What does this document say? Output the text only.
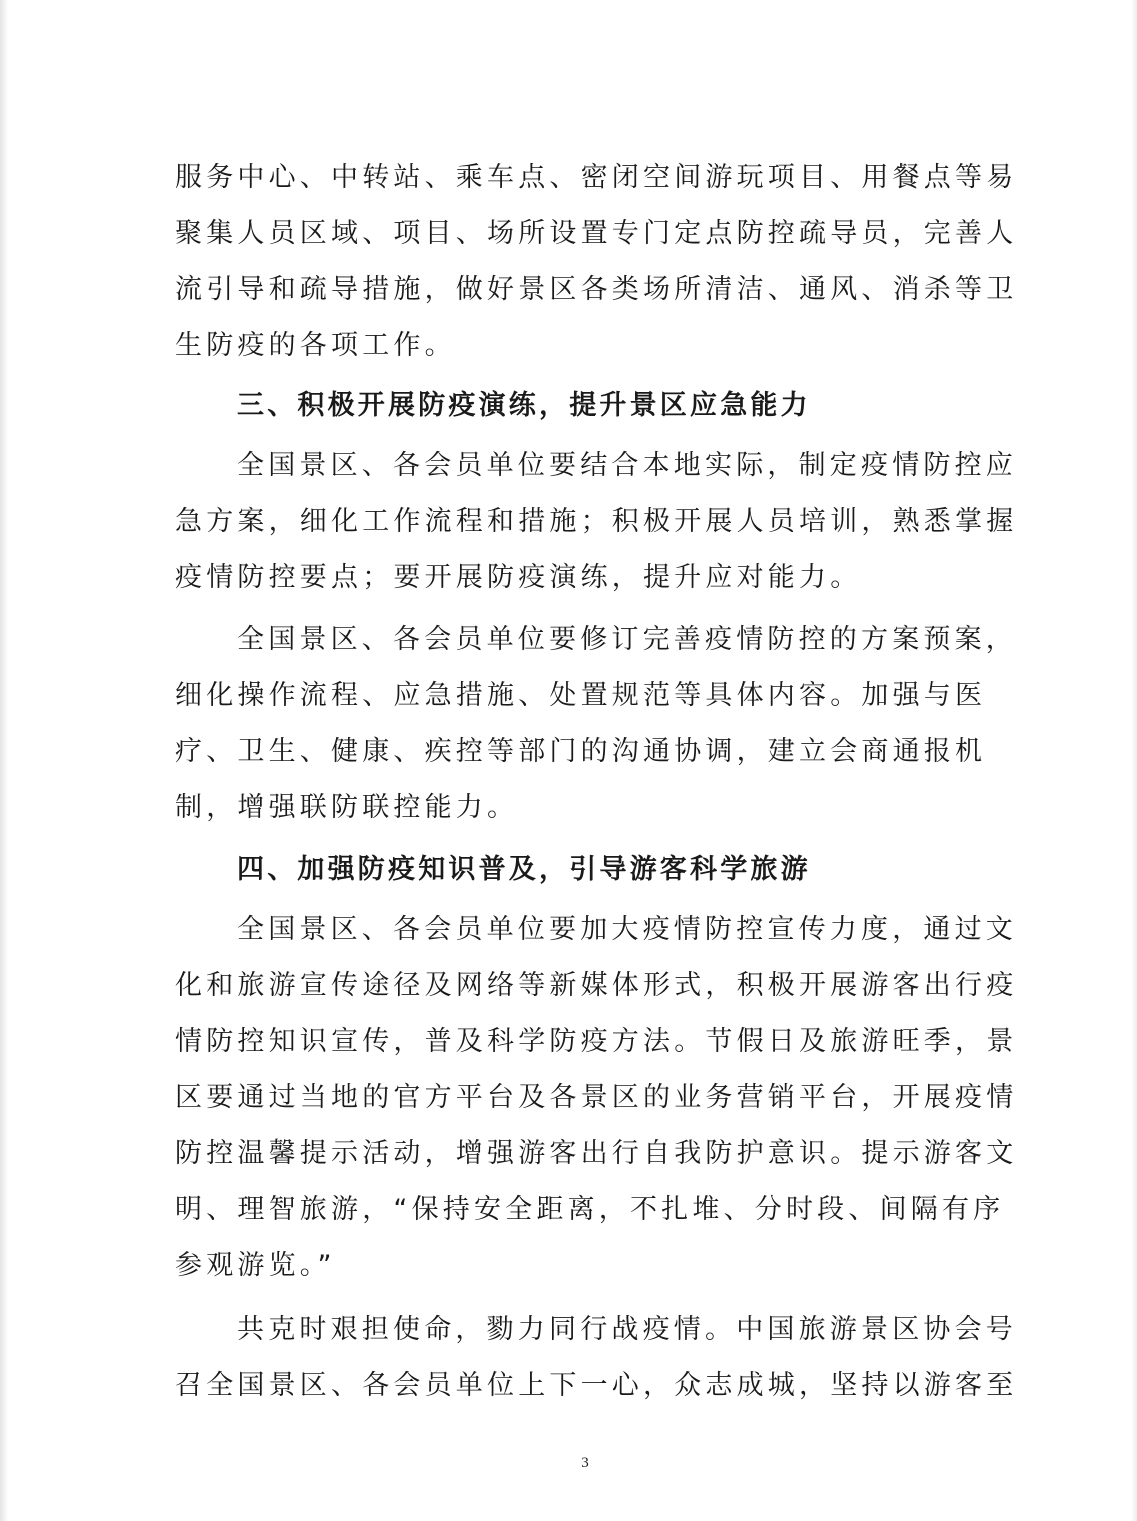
服务中心、中转站、乘车点、密闭空间游玩项目、用餐点等易
聚集人员区域、项目、场所设置专门定点防控疏导员，完善人
流引导和疏导措施，做好景区各类场所清洁、通风、消杀等卫
生防疫的各项工作。
三、积极开展防疫演练，提升景区应急能力
全国景区、各会员单位要结合本地实际，制定疫情防控应
急方案，细化工作流程和措施；积极开展人员培训，熟悉掌握
疫情防控要点；要开展防疫演练，提升应对能力。
全国景区、各会员单位要修订完善疫情防控的方案预案，
细化操作流程、应急措施、处置规范等具体内容。加强与医
疗、卫生、健康、疾控等部门的沟通协调，建立会商通报机
制，增强联防联控能力。
四、加强防疫知识普及，引导游客科学旅游
全国景区、各会员单位要加大疫情防控宣传力度，通过文
化和旅游宣传途径及网络等新媒体形式，积极开展游客出行疫
情防控知识宣传，普及科学防疫方法。节假日及旅游旺季，景
区要通过当地的官方平台及各景区的业务营销平台，开展疫情
防控温馨提示活动，增强游客出行自我防护意识。提示游客文
明、理智旅游，“保持安全距离，不扎堆、分时段、间隔有序
参观游览。”
共克时艰担使命，勠力同行战疫情。中国旅游景区协会号
召全国景区、各会员单位上下一心，众志成城，坚持以游客至
3
